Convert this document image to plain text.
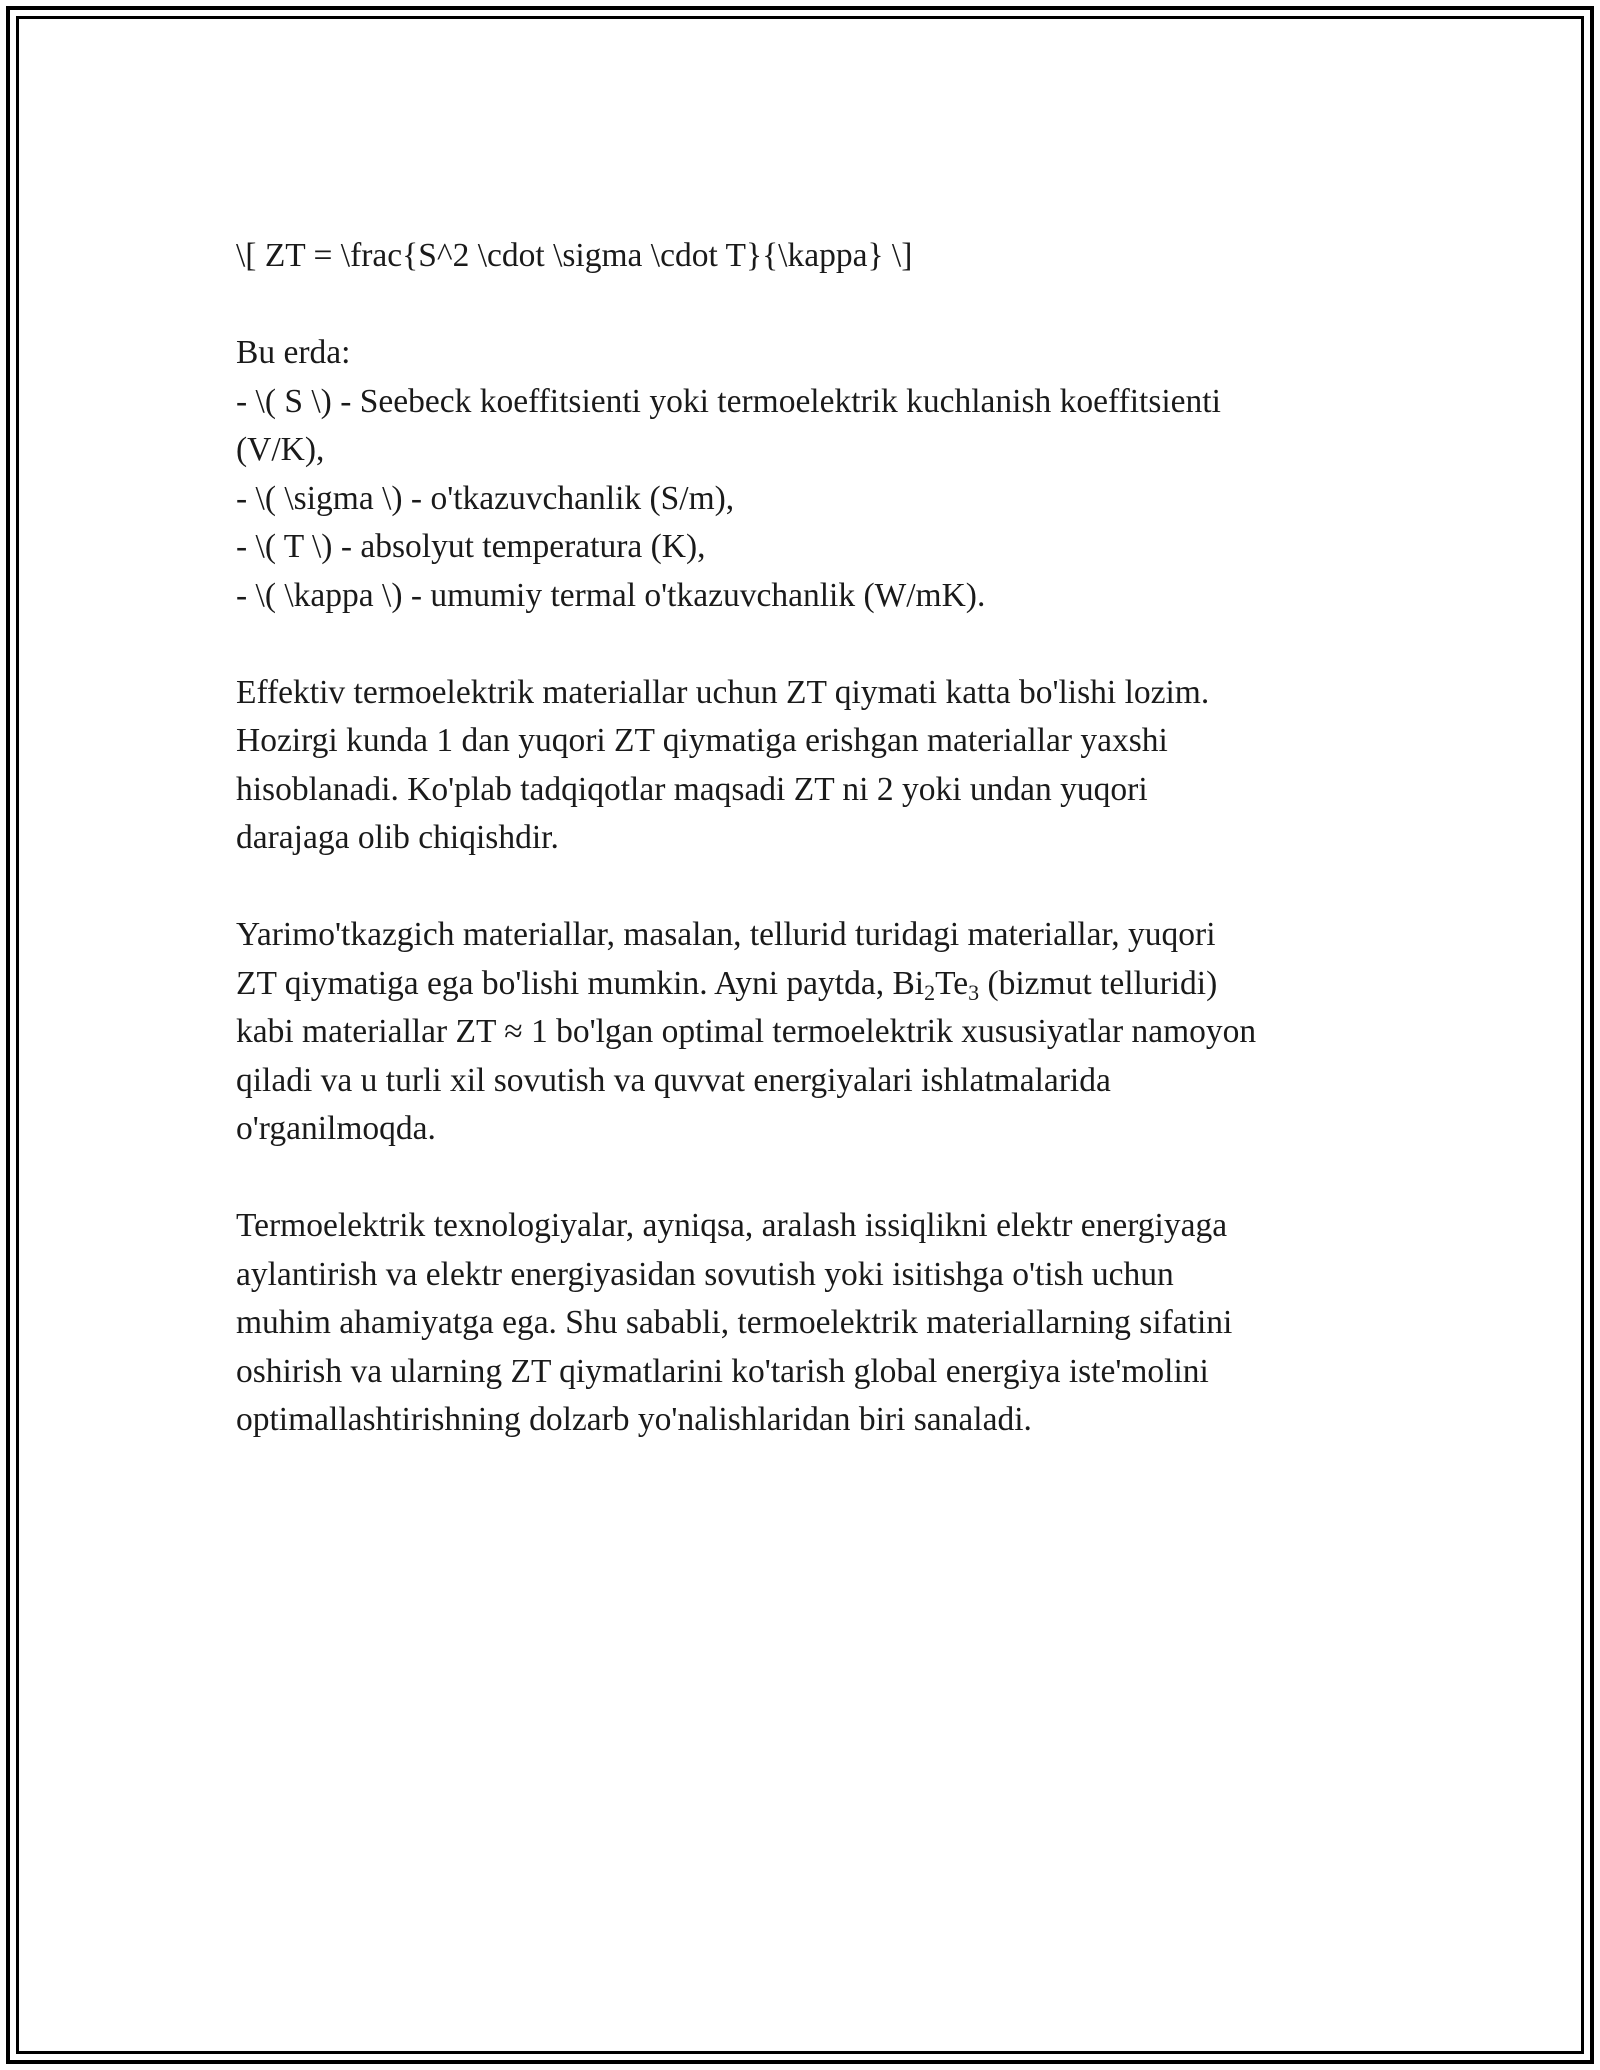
\[ ZT = \frac{S^2 \cdot \sigma \cdot T}{\kappa} \]
Bu erda:
- \( S \) - Seebeck koeffitsienti yoki termoelektrik kuchlanish koeffitsienti
(V/K),
- \( \sigma \) - o'tkazuvchanlik (S/m),
- \( T \) - absolyut temperatura (K),
- \( \kappa \) - umumiy termal o'tkazuvchanlik (W/mK).
Effektiv termoelektrik materiallar uchun ZT qiymati katta bo'lishi lozim.
Hozirgi kunda 1 dan yuqori ZT qiymatiga erishgan materiallar yaxshi
hisoblanadi. Ko'plab tadqiqotlar maqsadi ZT ni 2 yoki undan yuqori
darajaga olib chiqishdir.
Yarimo'tkazgich materiallar, masalan, tellurid turidagi materiallar, yuqori
ZT qiymatiga ega bo'lishi mumkin. Ayni paytda, $Bi_2Te_3$ (bizmut telluridi)
kabi materiallar ZT ≈ 1 bo'lgan optimal termoelektrik xususiyatlar namoyon
qiladi va u turli xil sovutish va quvvat energiyalari ishlatmalarida
o'rganilmoqda.
Termoelektrik texnologiyalar, ayniqsa, aralash issiqlikni elektr energiyaga
aylantirish va elektr energiyasidan sovutish yoki isitishga o'tish uchun
muhim ahamiyatga ega. Shu sababli, termoelektrik materiallarning sifatini
oshirish va ularning ZT qiymatlarini ko'tarish global energiya iste'molini
optimallashtirishning dolzarb yo'nalishlaridan biri sanaladi.
